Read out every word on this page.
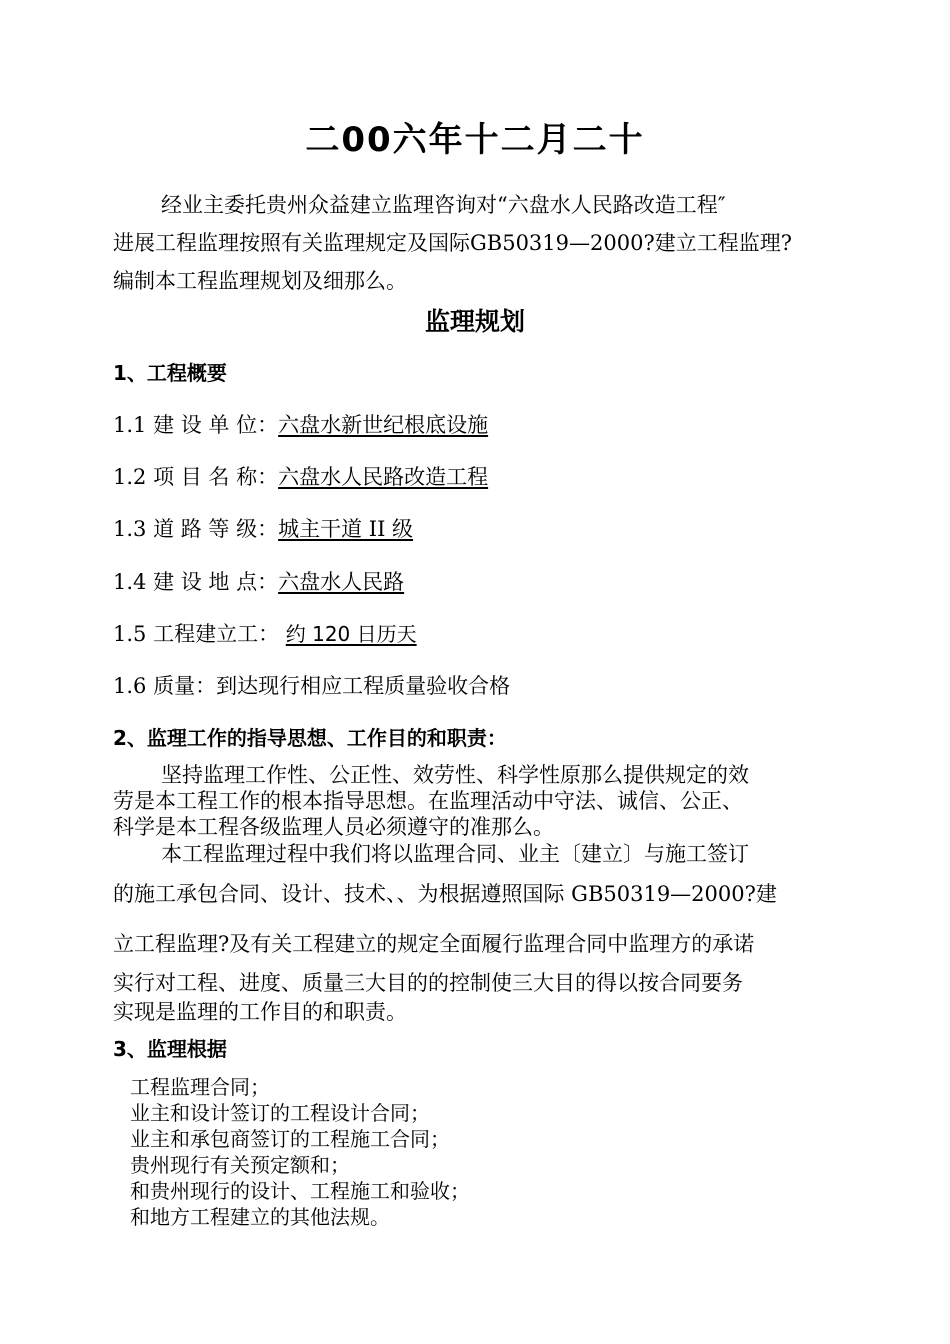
二00六年十二月二十
经业主委托贵州众益建立监理咨询对“六盘水人民路改造工程″
进展工程监理按照有关监理规定及国际GB50319—2000?建立工程监理?
编制本工程监理规划及细那么。
监理规划
1、工程概要

1.1 建 设 单 位：六盘水新世纪根底设施

1.2 项 目 名 称：六盘水人民路改造工程

1.3 道 路 等 级：城主干道 II 级

1.4 建 设 地 点：六盘水人民路

1.5 工程建立工： 约 120 日历天

1.6 质量：到达现行相应工程质量验收合格

2、监理工作的指导思想、工作目的和职责：
坚持监理工作性、公正性、效劳性、科学性原那么提供规定的效
劳是本工程工作的根本指导思想。在监理活动中守法、诚信、公正、
科学是本工程各级监理人员必须遵守的准那么。
本工程监理过程中我们将以监理合同、业主〔建立〕与施工签订
的施工承包合同、设计、技术、、为根据遵照国际 GB50319—2000?建
立工程监理?及有关工程建立的规定全面履行监理合同中监理方的承诺
实行对工程、进度、质量三大目的的控制使三大目的得以按合同要务
实现是监理的工作目的和职责。
3、监理根据
工程监理合同；
业主和设计签订的工程设计合同；
业主和承包商签订的工程施工合同；
贵州现行有关预定额和；
和贵州现行的设计、工程施工和验收；
和地方工程建立的其他法规。
